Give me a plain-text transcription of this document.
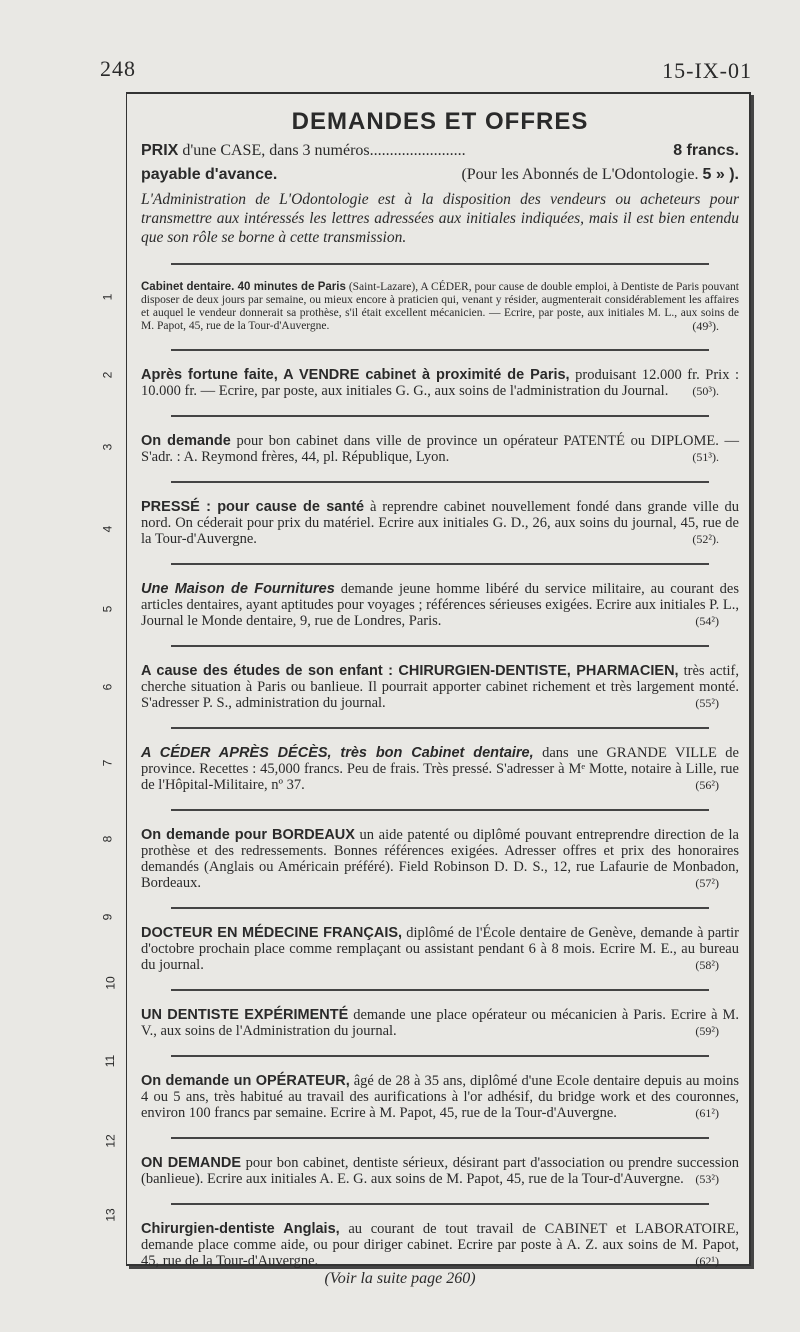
248	15-IX-01
1
2
3
4
5
6
7
8
9
10
11
12
13
DEMANDES ET OFFRES
PRIX d'une CASE, dans 3 numéros........................	8 francs.
payable d'avance.	(Pour les Abonnés de L'Odontologie. 5 » ).
L'Administration de L'Odontologie est à la disposition des vendeurs ou acheteurs pour transmettre aux intéressés les lettres adressées aux initiales indiquées, mais il est bien entendu que son rôle se borne à cette transmission.
Cabinet dentaire. 40 minutes de Paris (Saint-Lazare), A CÉDER, pour cause de double emploi, à Dentiste de Paris pouvant disposer de deux jours par semaine, ou mieux encore à praticien qui, venant y résider, augmenterait considérablement les affaires et auquel le vendeur donnerait sa prothèse, s'il était excellent mécanicien. — Ecrire, par poste, aux initiales M. L., aux soins de M. Papot, 45, rue de la Tour-d'Auvergne.	(49³).
Après fortune faite, A VENDRE cabinet à proximité de Paris, produisant 12.000 fr. Prix : 10.000 fr. — Ecrire, par poste, aux initiales G. G., aux soins de l'administration du Journal. (50³).
On demande pour bon cabinet dans ville de province un opérateur PATENTÉ ou DIPLOME. — S'adr. : A. Reymond frères, 44, pl. République, Lyon.	(51³).
PRESSÉ : pour cause de santé à reprendre cabinet nouvellement fondé dans grande ville du nord. On céderait pour prix du matériel. Ecrire aux initiales G. D., 26, aux soins du journal, 45, rue de la Tour-d'Auvergne.	(52²).
Une Maison de Fournitures demande jeune homme libéré du service militaire, au courant des articles dentaires, ayant aptitudes pour voyages ; références sérieuses exigées. Ecrire aux initiales P. L., Journal le Monde dentaire, 9, rue de Londres, Paris.	(54²)
A cause des études de son enfant : CHIRURGIEN-DENTISTE, PHARMACIEN, très actif, cherche situation à Paris ou banlieue. Il pourrait apporter cabinet richement et très largement monté. S'adresser P. S., administration du journal.	(55²)
A CÉDER APRÈS DÉCÈS, très bon Cabinet dentaire, dans une GRANDE VILLE de province. Recettes : 45,000 francs. Peu de frais. Très pressé. S'adresser à Mᵉ Motte, notaire à Lille, rue de l'Hôpital-Militaire, nº 37.	(56²)
On demande pour BORDEAUX un aide patenté ou diplômé pouvant entreprendre direction de la prothèse et des redressements. Bonnes références exigées. Adresser offres et prix des honoraires demandés (Anglais ou Américain préféré). Field Robinson D. D. S., 12, rue Lafaurie de Monbadon, Bordeaux.	(57²)
DOCTEUR EN MÉDECINE FRANÇAIS, diplômé de l'École dentaire de Genève, demande à partir d'octobre prochain place comme remplaçant ou assistant pendant 6 à 8 mois. Ecrire M. E., au bureau du journal.	(58²)
UN DENTISTE EXPÉRIMENTÉ demande une place opérateur ou mécanicien à Paris. Ecrire à M. V., aux soins de l'Administration du journal.	(59²)
On demande un OPÉRATEUR, âgé de 28 à 35 ans, diplômé d'une Ecole dentaire depuis au moins 4 ou 5 ans, très habitué au travail des aurifications à l'or adhésif, du bridge work et des couronnes, environ 100 francs par semaine. Ecrire à M. Papot, 45, rue de la Tour-d'Auvergne.	(61²)
ON DEMANDE pour bon cabinet, dentiste sérieux, désirant part d'association ou prendre succession (banlieue). Ecrire aux initiales A. E. G. aux soins de M. Papot, 45, rue de la Tour-d'Auvergne. (53²)
Chirurgien-dentiste Anglais, au courant de tout travail de CABINET et LABORATOIRE, demande place comme aide, ou pour diriger cabinet. Ecrire par poste à A. Z. aux soins de M. Papot, 45, rue de la Tour-d'Auvergne.	(62¹)
(Voir la suite page 260)
